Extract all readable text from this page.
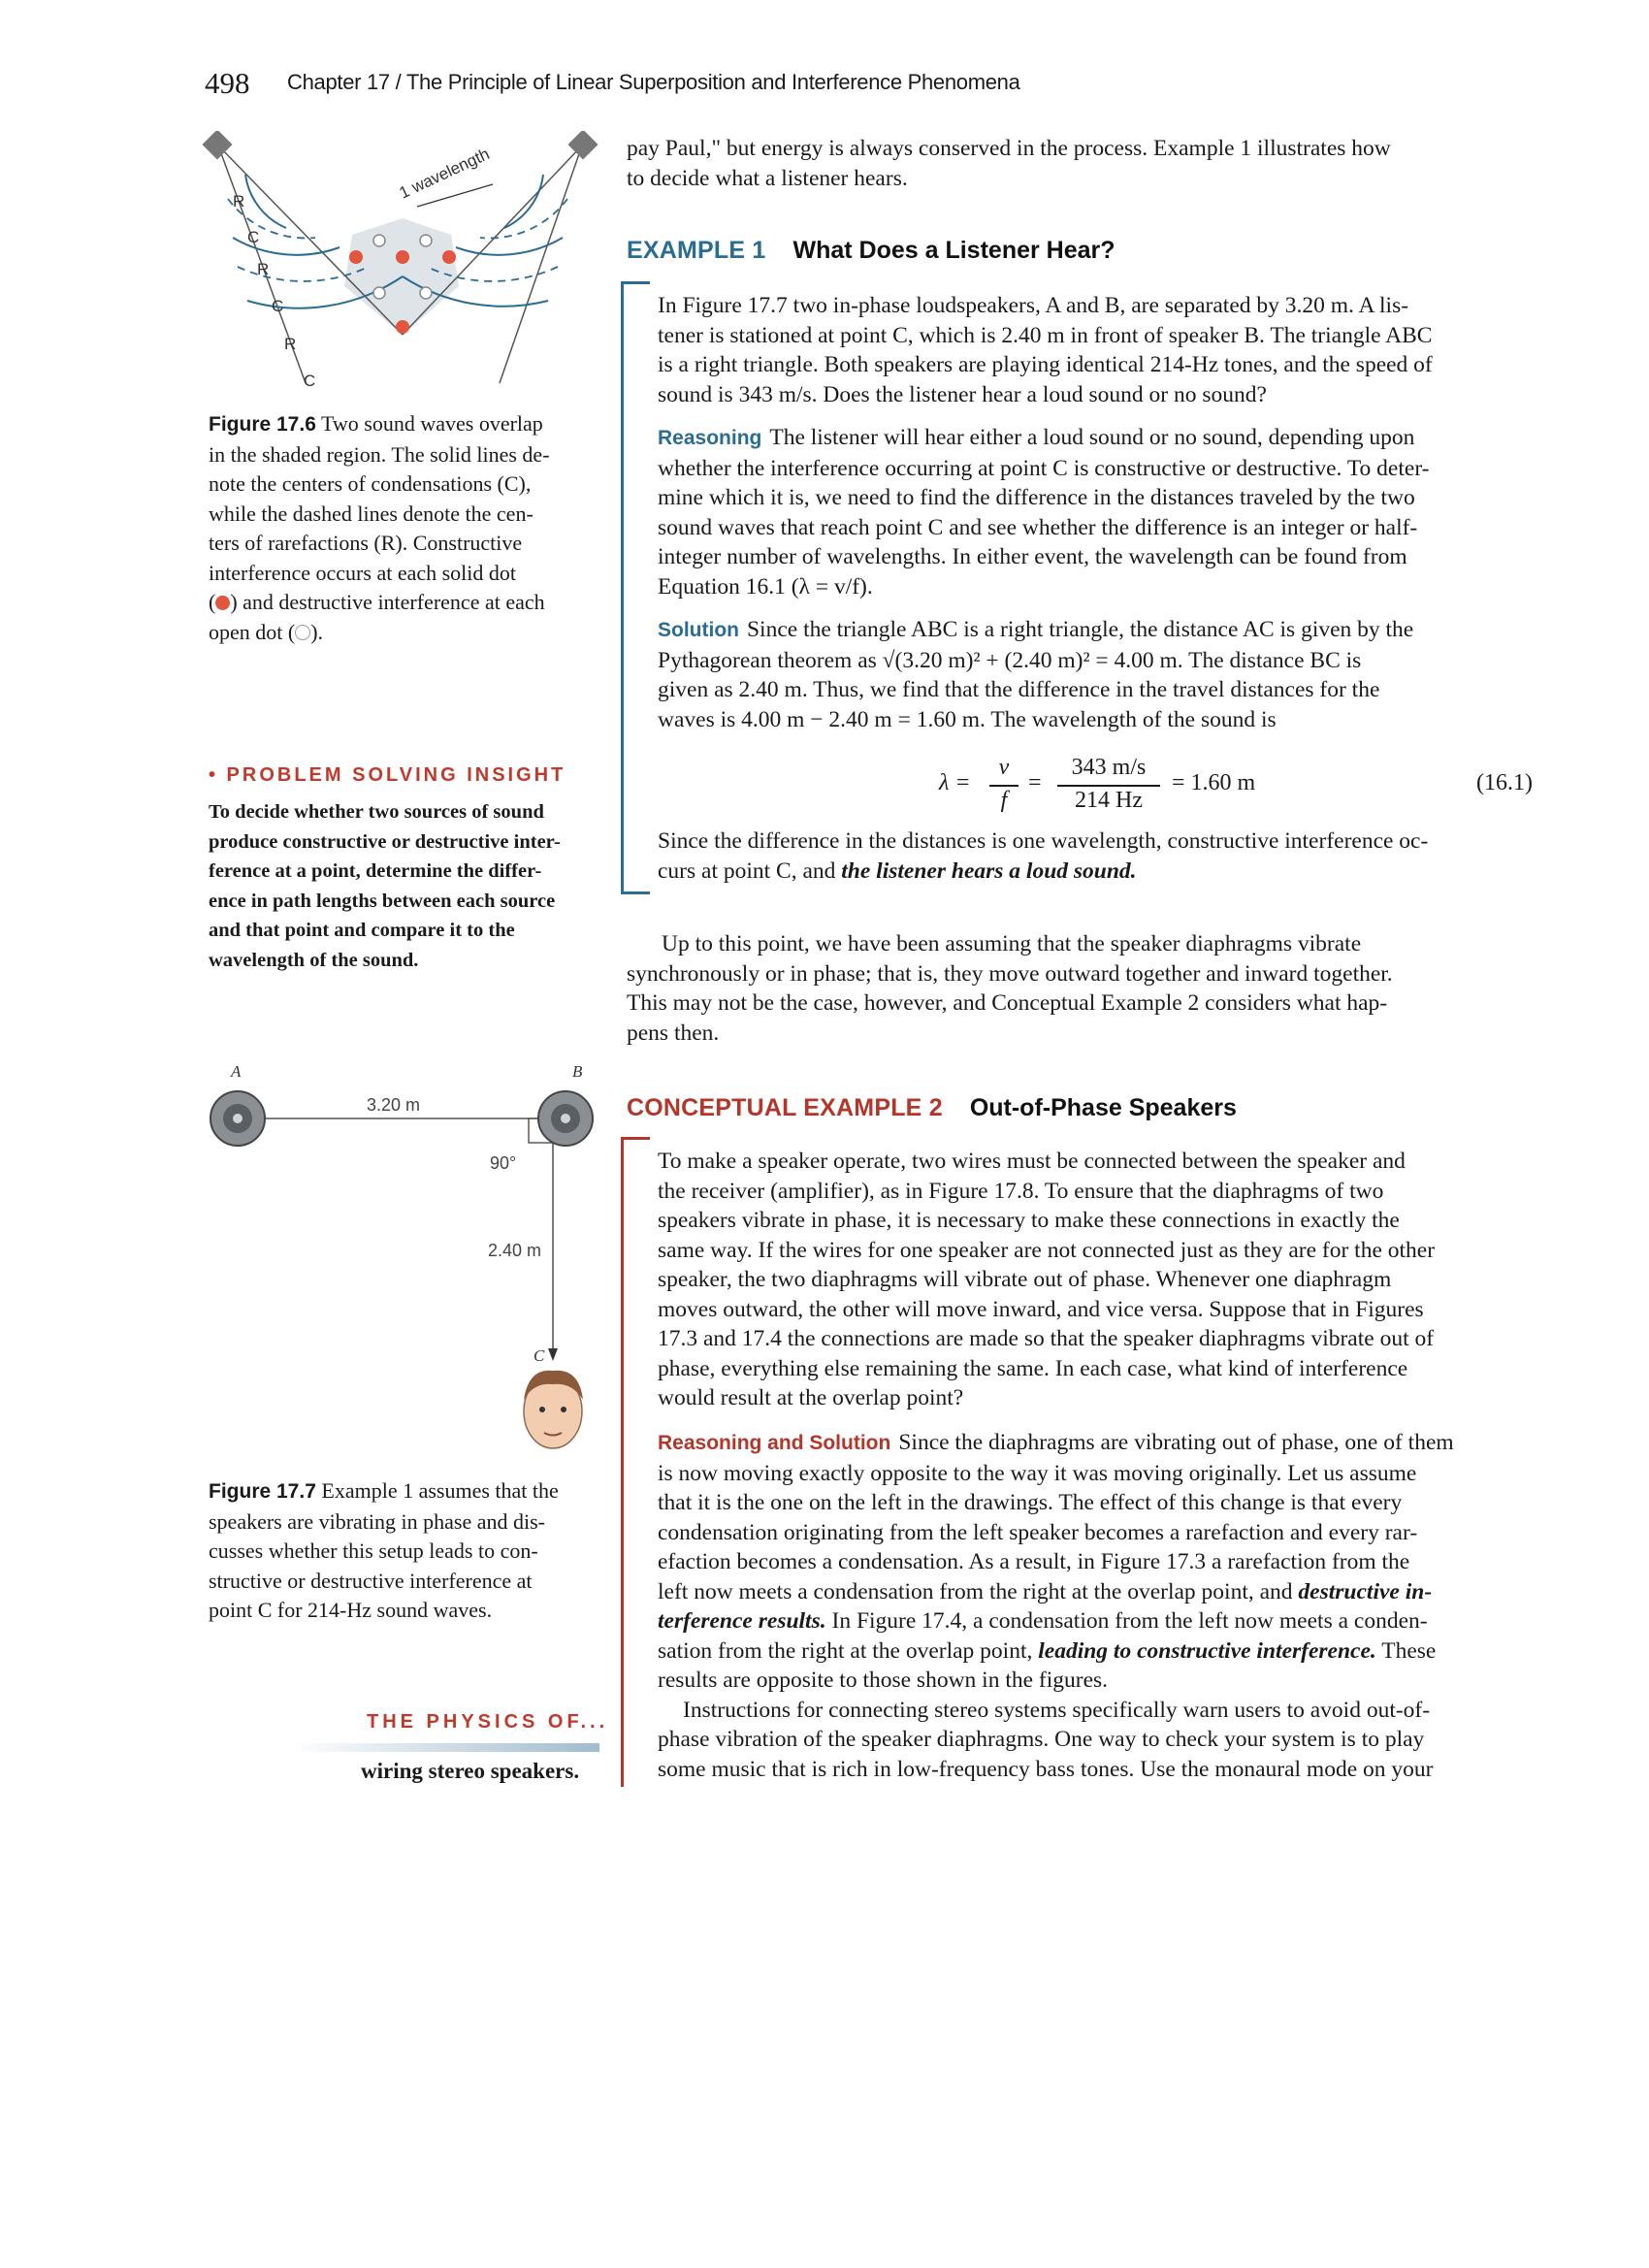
498 Chapter 17 / The Principle of Linear Superposition and Interference Phenomena
R
C
R
C
R
C
1 wavelength
Figure 17.6 Two sound waves overlap
in the shaded region. The solid lines de-
note the centers of condensations (C),
while the dashed lines denote the cen-
ters of rarefactions (R). Constructive
interference occurs at each solid dot
( ) and destructive interference at each
open dot ( ).
• PROBLEM SOLVING INSIGHT
To decide whether two sources of sound
produce constructive or destructive inter-
ference at a point, determine the differ-
ence in path lengths between each source
and that point and compare it to the
wavelength of the sound.
A	B
C
3.20 m
90°
2.40 m
Figure 17.7 Example 1 assumes that the
speakers are vibrating in phase and dis-
cusses whether this setup leads to con-
structive or destructive interference at
point C for 214-Hz sound waves.
THE PHYSICS OF...
wiring stereo speakers.
pay Paul," but energy is always conserved in the process. Example 1 illustrates how
to decide what a listener hears.
EXAMPLE 1 What Does a Listener Hear?
In Figure 17.7 two in-phase loudspeakers, A and B, are separated by 3.20 m. A lis-
tener is stationed at point C, which is 2.40 m in front of speaker B. The triangle ABC
is a right triangle. Both speakers are playing identical 214-Hz tones, and the speed of
sound is 343 m/s. Does the listener hear a loud sound or no sound?
Reasoning The listener will hear either a loud sound or no sound, depending upon
whether the interference occurring at point C is constructive or destructive. To deter-
mine which it is, we need to find the difference in the distances traveled by the two
sound waves that reach point C and see whether the difference is an integer or half-
integer number of wavelengths. In either event, the wavelength can be found from
Equation 16.1 (λ = v/f).
Solution Since the triangle ABC is a right triangle, the distance AC is given by the
Pythagorean theorem as √(3.20 m)² + (2.40 m)² = 4.00 m. The distance BC is
given as 2.40 m. Thus, we find that the difference in the travel distances for the
waves is 4.00 m − 2.40 m = 1.60 m. The wavelength of the sound is
λ =
v
f
=
343 m/s
214 Hz
= 1.60 m	(16.1)
Since the difference in the distances is one wavelength, constructive interference oc-
curs at point C, and the listener hears a loud sound.
Up to this point, we have been assuming that the speaker diaphragms vibrate
synchronously or in phase; that is, they move outward together and inward together.
This may not be the case, however, and Conceptual Example 2 considers what hap-
pens then.
CONCEPTUAL EXAMPLE 2 Out-of-Phase Speakers
To make a speaker operate, two wires must be connected between the speaker and
the receiver (amplifier), as in Figure 17.8. To ensure that the diaphragms of two
speakers vibrate in phase, it is necessary to make these connections in exactly the
same way. If the wires for one speaker are not connected just as they are for the other
speaker, the two diaphragms will vibrate out of phase. Whenever one diaphragm
moves outward, the other will move inward, and vice versa. Suppose that in Figures
17.3 and 17.4 the connections are made so that the speaker diaphragms vibrate out of
phase, everything else remaining the same. In each case, what kind of interference
would result at the overlap point?
Reasoning and Solution Since the diaphragms are vibrating out of phase, one of them
is now moving exactly opposite to the way it was moving originally. Let us assume
that it is the one on the left in the drawings. The effect of this change is that every
condensation originating from the left speaker becomes a rarefaction and every rar-
efaction becomes a condensation. As a result, in Figure 17.3 a rarefaction from the
left now meets a condensation from the right at the overlap point, and destructive in-
terference results. In Figure 17.4, a condensation from the left now meets a conden-
sation from the right at the overlap point, leading to constructive interference. These
results are opposite to those shown in the figures.
Instructions for connecting stereo systems specifically warn users to avoid out-of-
phase vibration of the speaker diaphragms. One way to check your system is to play
some music that is rich in low-frequency bass tones. Use the monaural mode on your
